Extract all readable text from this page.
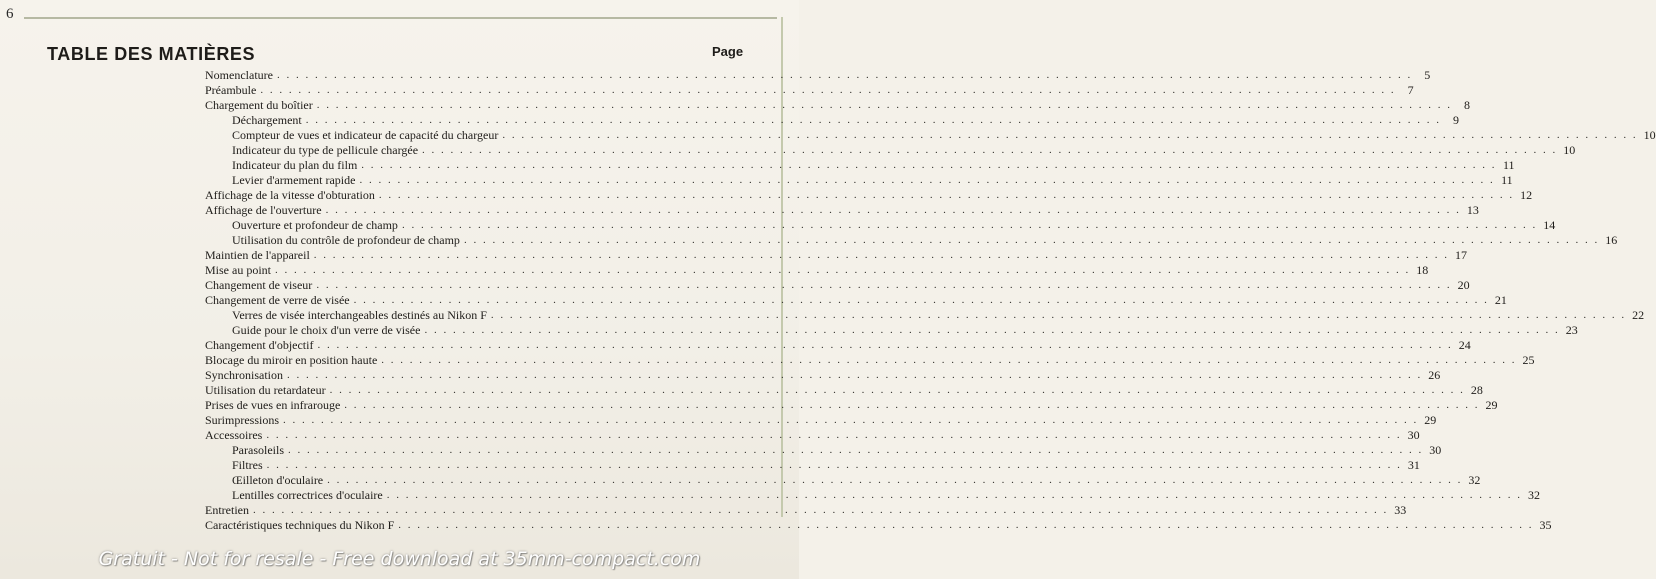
6
TABLE DES MATIÈRES	Page
Nomenclature . . . . . . . . . . . . . . . . . . . . . . . . . . . . . . . . . . . . . . . . . . . . . . . . . . . . . . . . . . . . . . . . . . . . . . . . . . . . . . . . . . . . . . . . . . . . . . . . . . . . . . . . . . . . . . . . . . . . . . . .	5
Préambule . . . . . . . . . . . . . . . . . . . . . . . . . . . . . . . . . . . . . . . . . . . . . . . . . . . . . . . . . . . . . . . . . . . . . . . . . . . . . . . . . . . . . . . . . . . . . . . . . . . . . . . . . . . . . . . . . . . . . . . .	7
Chargement du boîtier . . . . . . . . . . . . . . . . . . . . . . . . . . . . . . . . . . . . . . . . . . . . . . . . . . . . . . . . . . . . . . . . . . . . . . . . . . . . . . . . . . . . . . . . . . . . . . . . . . . . . . . . . . . . . . . . . . . . . . . .	8
Déchargement . . . . . . . . . . . . . . . . . . . . . . . . . . . . . . . . . . . . . . . . . . . . . . . . . . . . . . . . . . . . . . . . . . . . . . . . . . . . . . . . . . . . . . . . . . . . . . . . . . . . . . . . . . . . . . . . . . . . . . . .	9
Compteur de vues et indicateur de capacité du chargeur . . . . . . . . . . . . . . . . . . . . . . . . . . . . . . . . . . . . . . . . . . . . . . . . . . . . . . . . . . . . . . . . . . . . . . . . . . . . . . . . . . . . . . . . . . . . . . . . . . . . . . . . . . . . . . . . . . . . . . . . 10
Indicateur du type de pellicule chargée . . . . . . . . . . . . . . . . . . . . . . . . . . . . . . . . . . . . . . . . . . . . . . . . . . . . . . . . . . . . . . . . . . . . . . . . . . . . . . . . . . . . . . . . . . . . . . . . . . . . . . . . . . . . . . . . . . . . . . . . 10
Indicateur du plan du film . . . . . . . . . . . . . . . . . . . . . . . . . . . . . . . . . . . . . . . . . . . . . . . . . . . . . . . . . . . . . . . . . . . . . . . . . . . . . . . . . . . . . . . . . . . . . . . . . . . . . . . . . . . . . . . . . . . . . . . . 11
Levier d'armement rapide . . . . . . . . . . . . . . . . . . . . . . . . . . . . . . . . . . . . . . . . . . . . . . . . . . . . . . . . . . . . . . . . . . . . . . . . . . . . . . . . . . . . . . . . . . . . . . . . . . . . . . . . . . . . . . . . . . . . . . . . 11
Affichage de la vitesse d'obturation . . . . . . . . . . . . . . . . . . . . . . . . . . . . . . . . . . . . . . . . . . . . . . . . . . . . . . . . . . . . . . . . . . . . . . . . . . . . . . . . . . . . . . . . . . . . . . . . . . . . . . . . . . . . . . . . . . . . . . . . 12
Affichage de l'ouverture . . . . . . . . . . . . . . . . . . . . . . . . . . . . . . . . . . . . . . . . . . . . . . . . . . . . . . . . . . . . . . . . . . . . . . . . . . . . . . . . . . . . . . . . . . . . . . . . . . . . . . . . . . . . . . . . . . . . . . . . 13
Ouverture et profondeur de champ . . . . . . . . . . . . . . . . . . . . . . . . . . . . . . . . . . . . . . . . . . . . . . . . . . . . . . . . . . . . . . . . . . . . . . . . . . . . . . . . . . . . . . . . . . . . . . . . . . . . . . . . . . . . . . . . . . . . . . . . 14
Utilisation du contrôle de profondeur de champ . . . . . . . . . . . . . . . . . . . . . . . . . . . . . . . . . . . . . . . . . . . . . . . . . . . . . . . . . . . . . . . . . . . . . . . . . . . . . . . . . . . . . . . . . . . . . . . . . . . . . . . . . . . . . . . . . . . . . . . . 16
Maintien de l'appareil . . . . . . . . . . . . . . . . . . . . . . . . . . . . . . . . . . . . . . . . . . . . . . . . . . . . . . . . . . . . . . . . . . . . . . . . . . . . . . . . . . . . . . . . . . . . . . . . . . . . . . . . . . . . . . . . . . . . . . . . 17
Mise au point . . . . . . . . . . . . . . . . . . . . . . . . . . . . . . . . . . . . . . . . . . . . . . . . . . . . . . . . . . . . . . . . . . . . . . . . . . . . . . . . . . . . . . . . . . . . . . . . . . . . . . . . . . . . . . . . . . . . . . . . 18
Changement de viseur . . . . . . . . . . . . . . . . . . . . . . . . . . . . . . . . . . . . . . . . . . . . . . . . . . . . . . . . . . . . . . . . . . . . . . . . . . . . . . . . . . . . . . . . . . . . . . . . . . . . . . . . . . . . . . . . . . . . . . . . 20
Changement de verre de visée . . . . . . . . . . . . . . . . . . . . . . . . . . . . . . . . . . . . . . . . . . . . . . . . . . . . . . . . . . . . . . . . . . . . . . . . . . . . . . . . . . . . . . . . . . . . . . . . . . . . . . . . . . . . . . . . . . . . . . . . 21
Verres de visée interchangeables destinés au Nikon F . . . . . . . . . . . . . . . . . . . . . . . . . . . . . . . . . . . . . . . . . . . . . . . . . . . . . . . . . . . . . . . . . . . . . . . . . . . . . . . . . . . . . . . . . . . . . . . . . . . . . . . . . . . . . . . . . . . . . . . . 22
Guide pour le choix d'un verre de visée . . . . . . . . . . . . . . . . . . . . . . . . . . . . . . . . . . . . . . . . . . . . . . . . . . . . . . . . . . . . . . . . . . . . . . . . . . . . . . . . . . . . . . . . . . . . . . . . . . . . . . . . . . . . . . . . . . . . . . . . 23
Changement d'objectif . . . . . . . . . . . . . . . . . . . . . . . . . . . . . . . . . . . . . . . . . . . . . . . . . . . . . . . . . . . . . . . . . . . . . . . . . . . . . . . . . . . . . . . . . . . . . . . . . . . . . . . . . . . . . . . . . . . . . . . . 24
Blocage du miroir en position haute . . . . . . . . . . . . . . . . . . . . . . . . . . . . . . . . . . . . . . . . . . . . . . . . . . . . . . . . . . . . . . . . . . . . . . . . . . . . . . . . . . . . . . . . . . . . . . . . . . . . . . . . . . . . . . . . . . . . . . . . 25
Synchronisation . . . . . . . . . . . . . . . . . . . . . . . . . . . . . . . . . . . . . . . . . . . . . . . . . . . . . . . . . . . . . . . . . . . . . . . . . . . . . . . . . . . . . . . . . . . . . . . . . . . . . . . . . . . . . . . . . . . . . . . . 26
Utilisation du retardateur . . . . . . . . . . . . . . . . . . . . . . . . . . . . . . . . . . . . . . . . . . . . . . . . . . . . . . . . . . . . . . . . . . . . . . . . . . . . . . . . . . . . . . . . . . . . . . . . . . . . . . . . . . . . . . . . . . . . . . . . 28
Prises de vues en infrarouge . . . . . . . . . . . . . . . . . . . . . . . . . . . . . . . . . . . . . . . . . . . . . . . . . . . . . . . . . . . . . . . . . . . . . . . . . . . . . . . . . . . . . . . . . . . . . . . . . . . . . . . . . . . . . . . . . . . . . . . . 29
Surimpressions . . . . . . . . . . . . . . . . . . . . . . . . . . . . . . . . . . . . . . . . . . . . . . . . . . . . . . . . . . . . . . . . . . . . . . . . . . . . . . . . . . . . . . . . . . . . . . . . . . . . . . . . . . . . . . . . . . . . . . . . 29
Accessoires . . . . . . . . . . . . . . . . . . . . . . . . . . . . . . . . . . . . . . . . . . . . . . . . . . . . . . . . . . . . . . . . . . . . . . . . . . . . . . . . . . . . . . . . . . . . . . . . . . . . . . . . . . . . . . . . . . . . . . . . 30
Parasoleils . . . . . . . . . . . . . . . . . . . . . . . . . . . . . . . . . . . . . . . . . . . . . . . . . . . . . . . . . . . . . . . . . . . . . . . . . . . . . . . . . . . . . . . . . . . . . . . . . . . . . . . . . . . . . . . . . . . . . . . . 30
Filtres . . . . . . . . . . . . . . . . . . . . . . . . . . . . . . . . . . . . . . . . . . . . . . . . . . . . . . . . . . . . . . . . . . . . . . . . . . . . . . . . . . . . . . . . . . . . . . . . . . . . . . . . . . . . . . . . . . . . . . . . 31
Œilleton d'oculaire . . . . . . . . . . . . . . . . . . . . . . . . . . . . . . . . . . . . . . . . . . . . . . . . . . . . . . . . . . . . . . . . . . . . . . . . . . . . . . . . . . . . . . . . . . . . . . . . . . . . . . . . . . . . . . . . . . . . . . . . 32
Lentilles correctrices d'oculaire . . . . . . . . . . . . . . . . . . . . . . . . . . . . . . . . . . . . . . . . . . . . . . . . . . . . . . . . . . . . . . . . . . . . . . . . . . . . . . . . . . . . . . . . . . . . . . . . . . . . . . . . . . . . . . . . . . . . . . . . 32
Entretien . . . . . . . . . . . . . . . . . . . . . . . . . . . . . . . . . . . . . . . . . . . . . . . . . . . . . . . . . . . . . . . . . . . . . . . . . . . . . . . . . . . . . . . . . . . . . . . . . . . . . . . . . . . . . . . . . . . . . . . . 33
Caractéristiques techniques du Nikon F . . . . . . . . . . . . . . . . . . . . . . . . . . . . . . . . . . . . . . . . . . . . . . . . . . . . . . . . . . . . . . . . . . . . . . . . . . . . . . . . . . . . . . . . . . . . . . . . . . . . . . . . . . . . . . . . . . . . . . . . 35
Gratuit - Not for resale - Free download at 35mm-compact.com
